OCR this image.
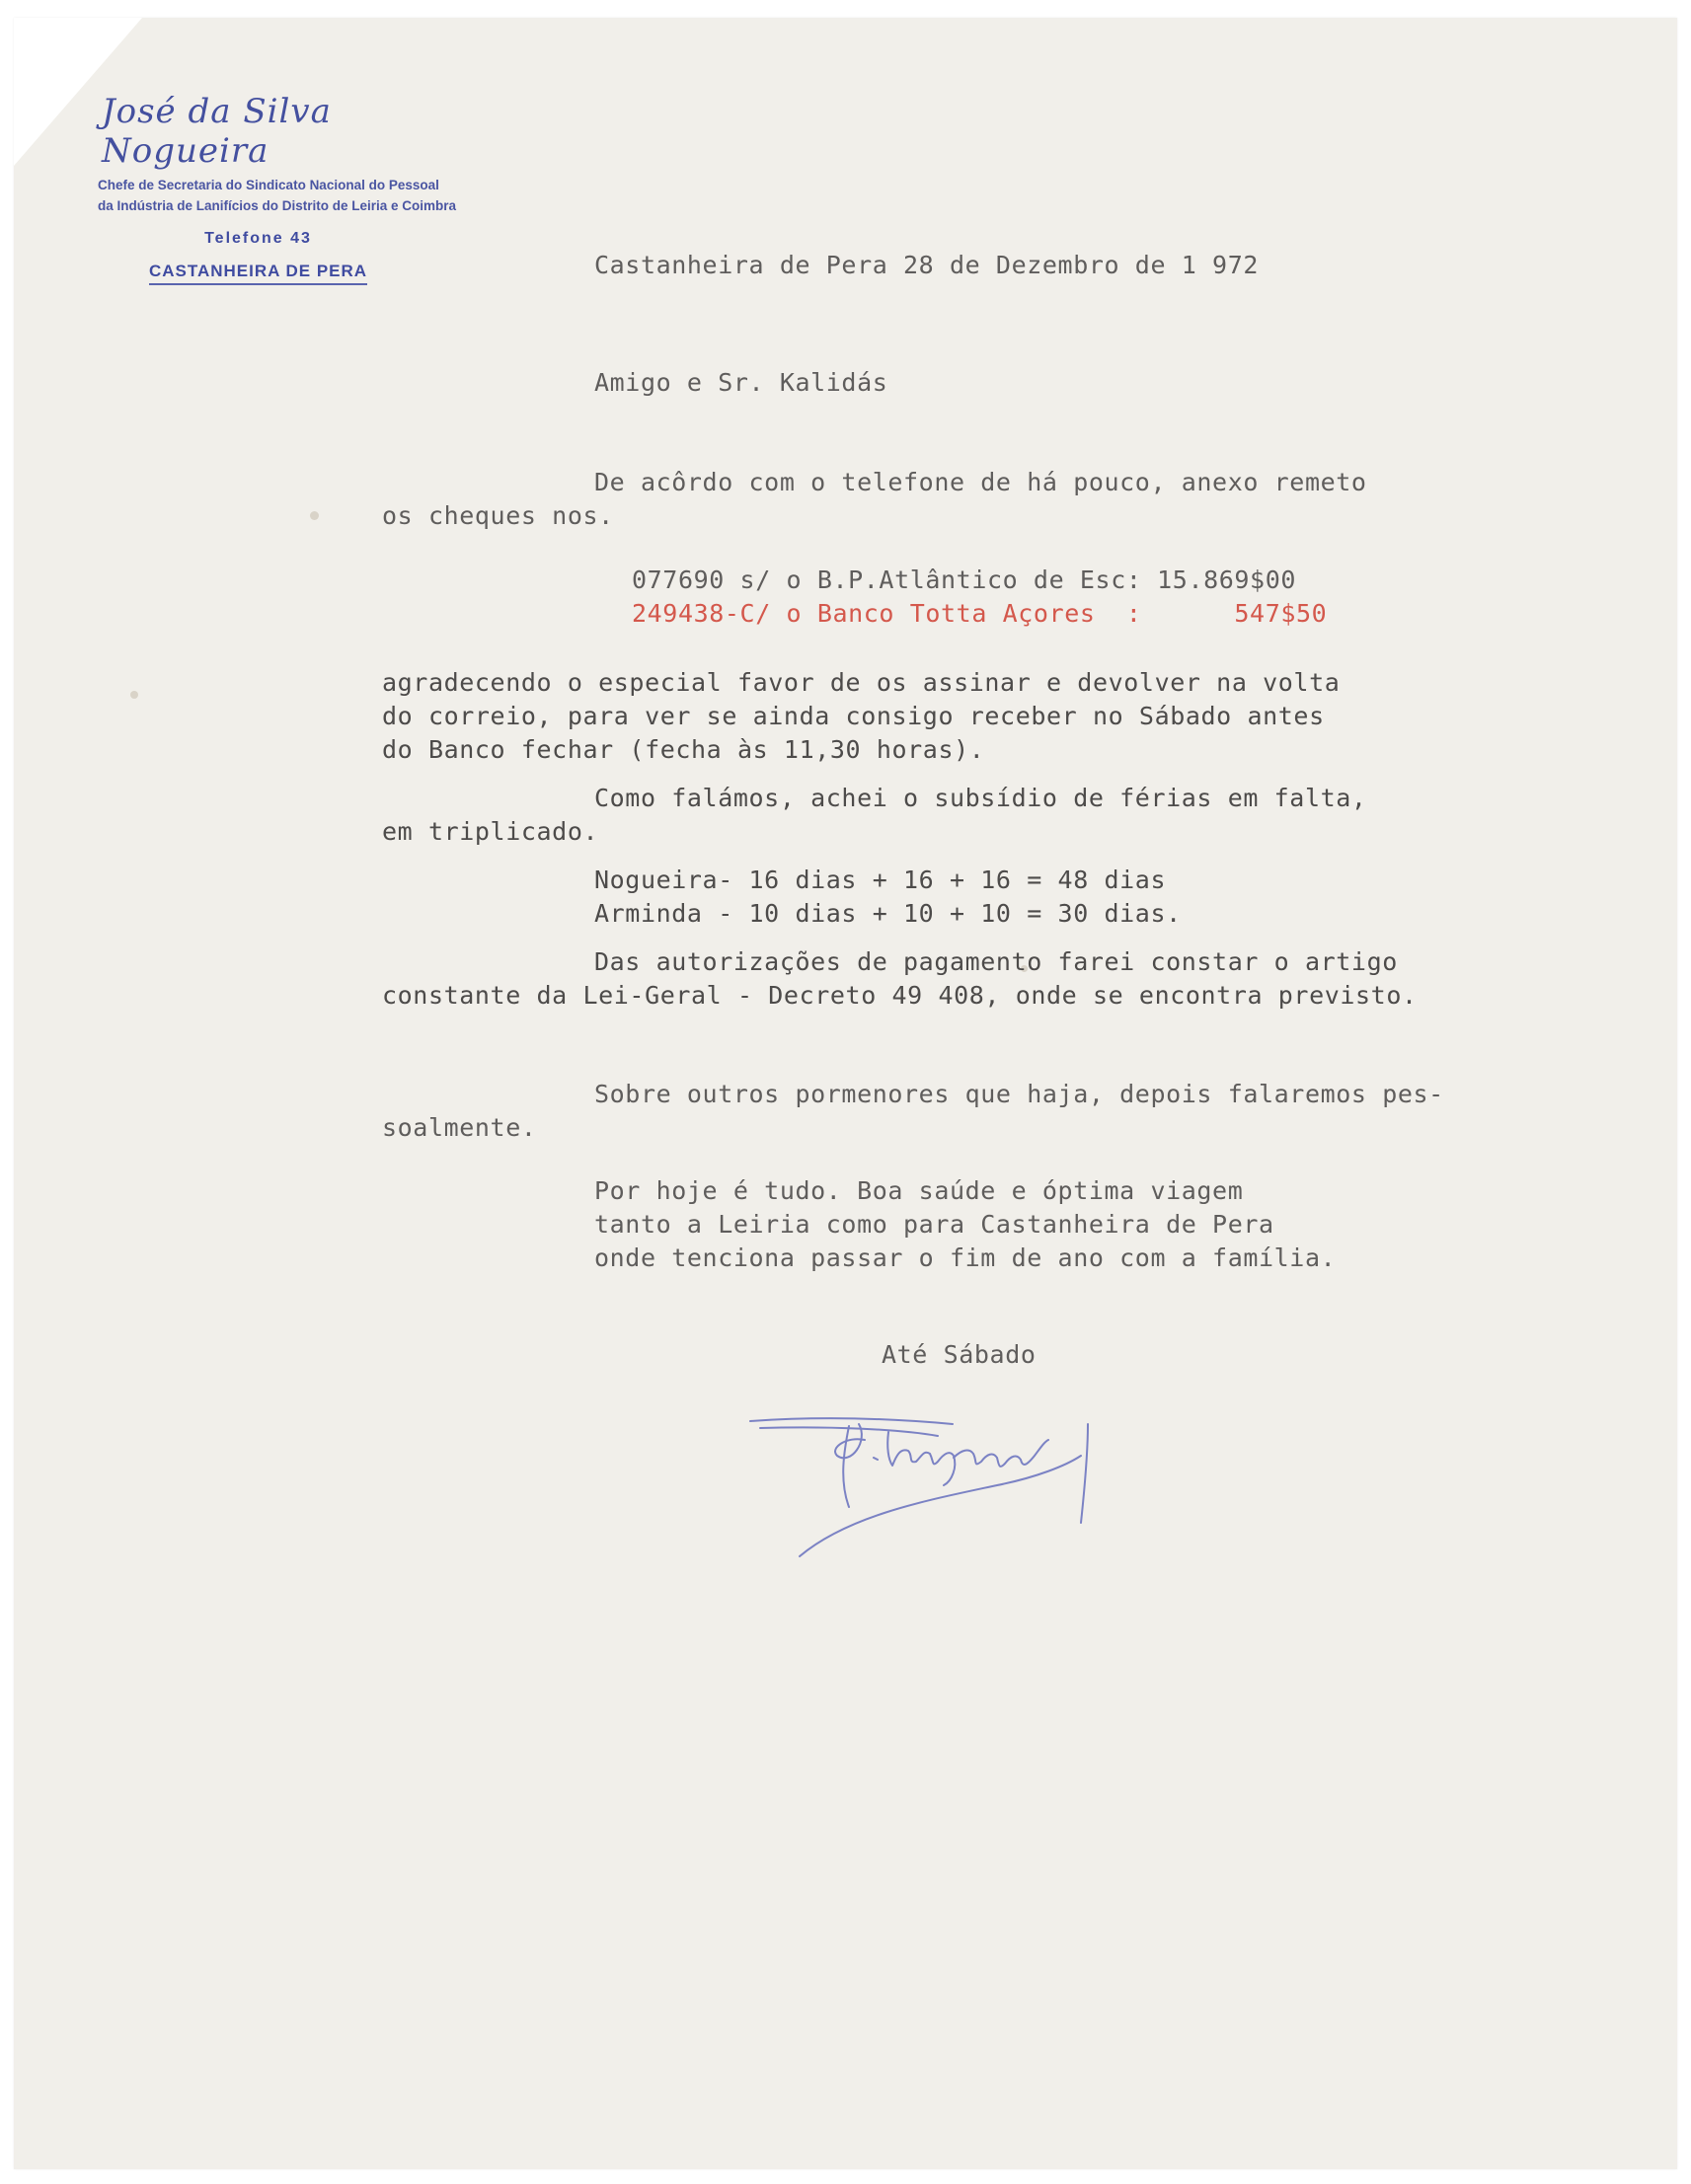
José da Silva Nogueira
Chefe de Secretaria do Sindicato Nacional do Pessoal
da Indústria de Lanifícios do Distrito de Leiria e Coimbra
Telefone 43
CASTANHEIRA DE PERA	Castanheira de Pera 28 de Dezembro de 1 972
Amigo e Sr. Kalidás
De acôrdo com o telefone de há pouco, anexo remeto
os cheques nos.
077690 s/ o B.P.Atlântico de Esc: 15.869$00
249438-C/ o Banco Totta Açores  :      547$50
agradecendo o especial favor de os assinar e devolver na volta
do correio, para ver se ainda consigo receber no Sábado antes
do Banco fechar (fecha às 11,30 horas).
Como falámos, achei o subsídio de férias em falta,
em triplicado.
Nogueira- 16 dias + 16 + 16 = 48 dias
Arminda - 10 dias + 10 + 10 = 30 dias.
Das autorizações de pagamento farei constar o artigo
constante da Lei-Geral - Decreto 49 408, onde se encontra previsto.
Sobre outros pormenores que haja, depois falaremos pes-
soalmente.
Por hoje é tudo. Boa saúde e óptima viagem
tanto a Leiria como para Castanheira de Pera
onde tenciona passar o fim de ano com a família.
Até Sábado
